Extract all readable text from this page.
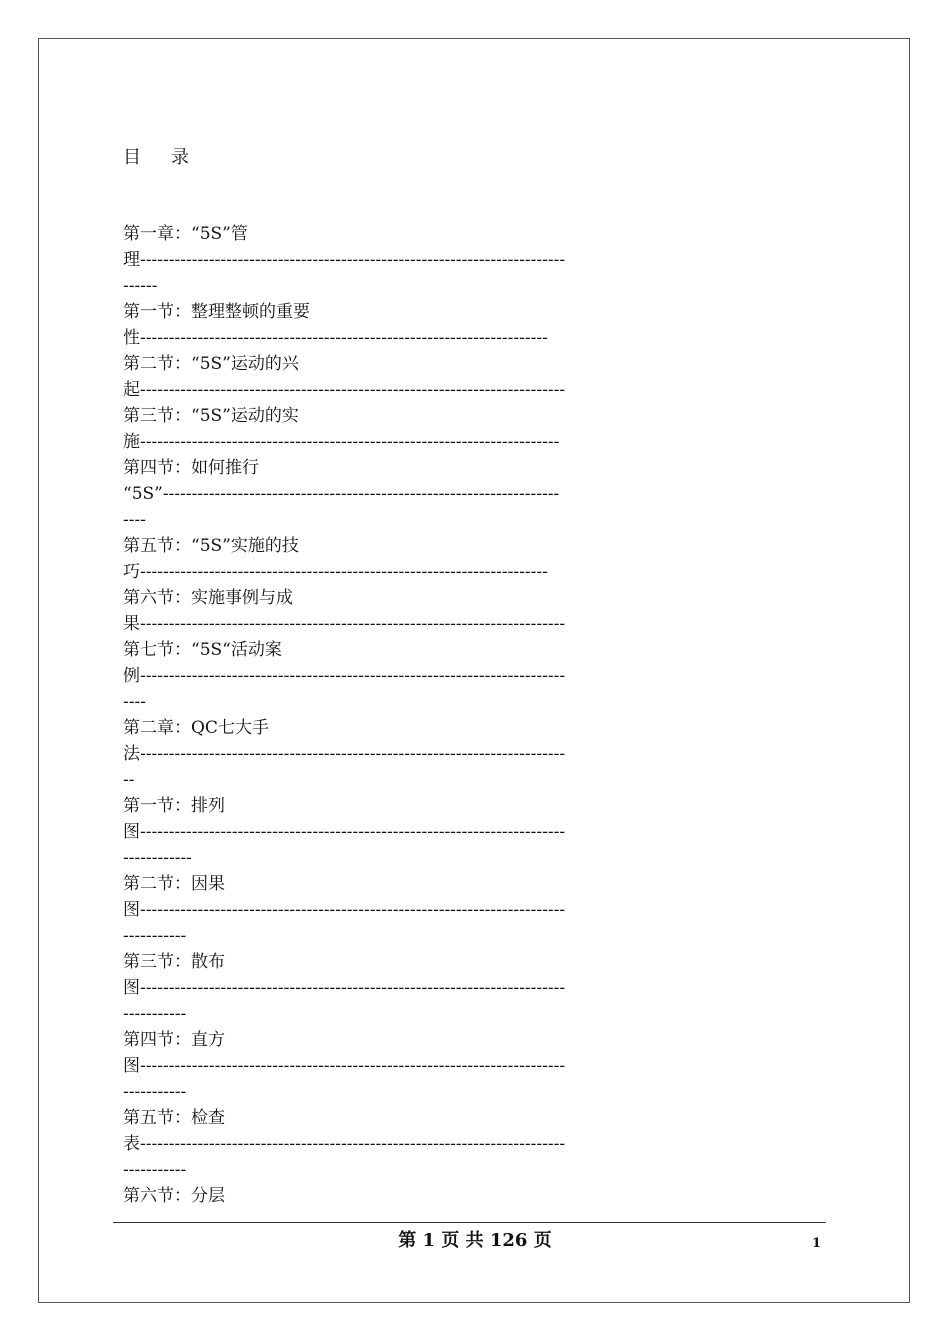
目 录
第一章：“5S”管
理--------------------------------------------------------------------------
------
第一节：整理整顿的重要
性-----------------------------------------------------------------------
第二节：“5S”运动的兴
起--------------------------------------------------------------------------
第三节：“5S”运动的实
施-------------------------------------------------------------------------
第四节：如何推行
“5S”---------------------------------------------------------------------
----
第五节：“5S”实施的技
巧-----------------------------------------------------------------------
第六节：实施事例与成
果--------------------------------------------------------------------------
第七节：“5S“活动案
例--------------------------------------------------------------------------
----
第二章：QC七大手
法--------------------------------------------------------------------------
--
第一节：排列
图--------------------------------------------------------------------------
------------
第二节：因果
图--------------------------------------------------------------------------
-----------
第三节：散布
图--------------------------------------------------------------------------
-----------
第四节：直方
图--------------------------------------------------------------------------
-----------
第五节：检查
表--------------------------------------------------------------------------
-----------
第六节：分层
第 1 页 共 126 页	1
